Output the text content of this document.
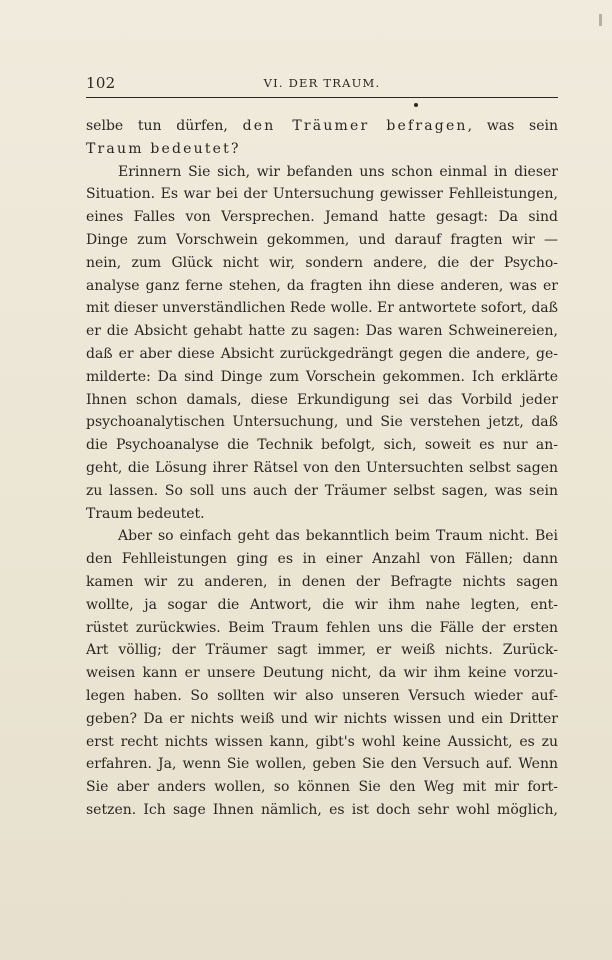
102	VI. DER TRAUM.
selbe tun dürfen, den Träumer befragen, was sein
Traum bedeutet?
Erinnern Sie sich, wir befanden uns schon einmal in dieser
Situation. Es war bei der Untersuchung gewisser Fehlleistungen,
eines Falles von Versprechen. Jemand hatte gesagt: Da sind
Dinge zum Vorschwein gekommen, und darauf fragten wir —
nein, zum Glück nicht wir, sondern andere, die der Psycho-
analyse ganz ferne stehen, da fragten ihn diese anderen, was er
mit dieser unverständlichen Rede wolle. Er antwortete sofort, daß
er die Absicht gehabt hatte zu sagen: Das waren Schweinereien,
daß er aber diese Absicht zurückgedrängt gegen die andere, ge-
milderte: Da sind Dinge zum Vorschein gekommen. Ich erklärte
Ihnen schon damals, diese Erkundigung sei das Vorbild jeder
psychoanalytischen Untersuchung, und Sie verstehen jetzt, daß
die Psychoanalyse die Technik befolgt, sich, soweit es nur an-
geht, die Lösung ihrer Rätsel von den Untersuchten selbst sagen
zu lassen. So soll uns auch der Träumer selbst sagen, was sein
Traum bedeutet.
Aber so einfach geht das bekanntlich beim Traum nicht. Bei
den Fehlleistungen ging es in einer Anzahl von Fällen; dann
kamen wir zu anderen, in denen der Befragte nichts sagen
wollte, ja sogar die Antwort, die wir ihm nahe legten, ent-
rüstet zurückwies. Beim Traum fehlen uns die Fälle der ersten
Art völlig; der Träumer sagt immer, er weiß nichts. Zurück-
weisen kann er unsere Deutung nicht, da wir ihm keine vorzu-
legen haben. So sollten wir also unseren Versuch wieder auf-
geben? Da er nichts weiß und wir nichts wissen und ein Dritter
erst recht nichts wissen kann, gibt's wohl keine Aussicht, es zu
erfahren. Ja, wenn Sie wollen, geben Sie den Versuch auf. Wenn
Sie aber anders wollen, so können Sie den Weg mit mir fort-
setzen. Ich sage Ihnen nämlich, es ist doch sehr wohl möglich,
